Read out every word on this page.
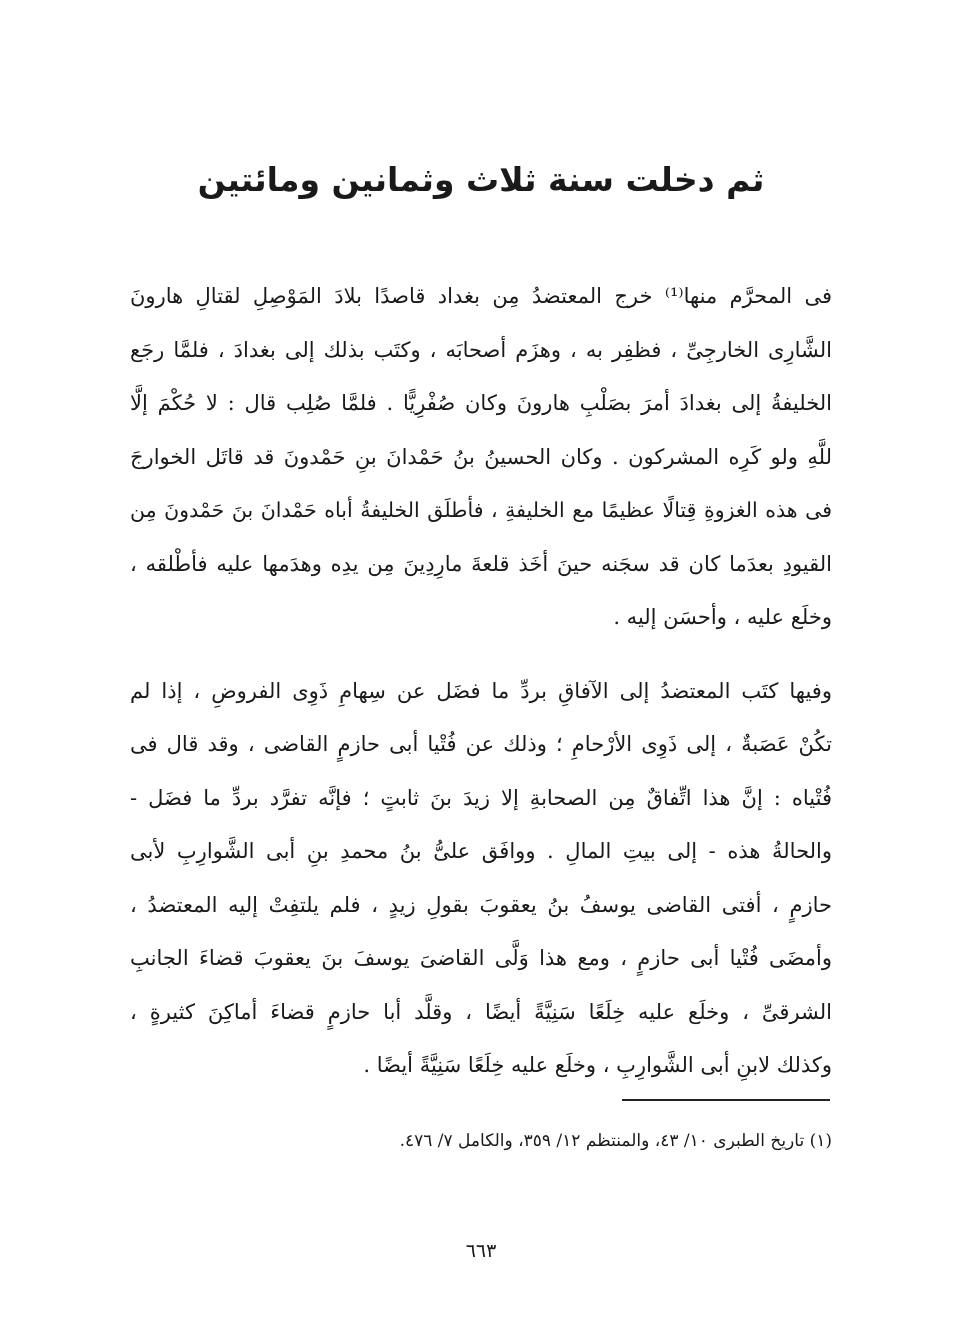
ثم دخلت سنة ثلاث وثمانين ومائتين
فى المحرَّم منها⁽¹⁾ خرج المعتضدُ مِن بغداد قاصدًا بلادَ المَوْصِلِ لقتالِ هارونَ
الشَّارِى الخارجِىِّ ، فظفِر به ، وهزَم أصحابَه ، وكتَب بذلك إلى بغدادَ ، فلمَّا رجَع
الخليفةُ إلى بغدادَ أمرَ بصَلْبِ هارونَ وكان صُفْرِيًّا . فلمَّا صُلِب قال : لا حُكْمَ إلَّا
للَّهِ ولو كَرِه المشركون . وكان الحسينُ بنُ حَمْدانَ بنِ حَمْدونَ قد قاتَل الخوارجَ
فى هذه الغزوةِ قِتالًا عظيمًا مع الخليفةِ ، فأطلَق الخليفةُ أباه حَمْدانَ بنَ حَمْدونَ مِن
القيودِ بعدَما كان قد سجَنه حينَ أخَذ قلعةَ مارِدِينَ مِن يدِه وهدَمها عليه فأطْلقه ،
وخلَع عليه ، وأحسَن إليه .
وفيها كتَب المعتضدُ إلى الآفاقِ بردِّ ما فضَل عن سِهامِ ذَوِى الفروضِ ، إذا لم
تكُنْ عَصَبةٌ ، إلى ذَوِى الأرْحامِ ؛ وذلك عن فُتْيا أبى حازمٍ القاضى ، وقد قال فى
فُتْياه : إنَّ هذا اتِّفاقٌ مِن الصحابةِ إلا زيدَ بنَ ثابتٍ ؛ فإنَّه تفرَّد بردِّ ما فضَل -
والحالةُ هذه - إلى بيتِ المالِ . ووافَق علىُّ بنُ محمدِ بنِ أبى الشَّوارِبِ لأبى
حازمٍ ، أفتى القاضى يوسفُ بنُ يعقوبَ بقولِ زيدٍ ، فلم يلتفِتْ إليه المعتضدُ ،
وأمضَى فُتْيا أبى حازمٍ ، ومع هذا وَلَّى القاضىَ يوسفَ بنَ يعقوبَ قضاءَ الجانبِ
الشرقىِّ ، وخلَع عليه خِلَعًا سَنِيَّةً أيضًا ، وقلَّد أبا حازمٍ قضاءَ أماكِنَ كثيرةٍ ،
وكذلك لابنِ أبى الشَّوارِبِ ، وخلَع عليه خِلَعًا سَنِيَّةً أيضًا .

(١) تاريخ الطبرى ١٠/ ٤٣، والمنتظم ١٢/ ٣٥٩، والكامل ٧/ ٤٧٦.

٦٦٣
